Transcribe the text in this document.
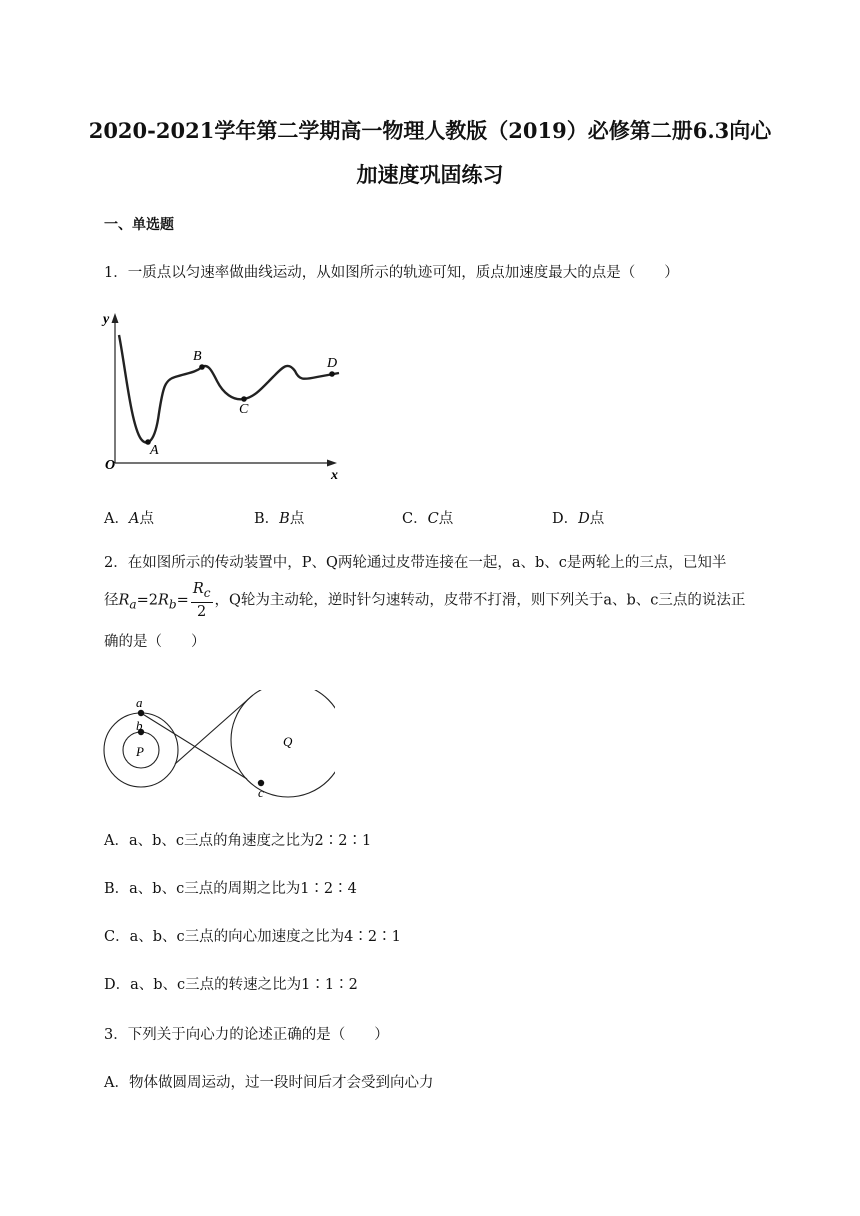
2020-2021学年第二学期高一物理人教版（2019）必修第二册6.3向心
加速度巩固练习
一、单选题
1．一质点以匀速率做曲线运动，从如图所示的轨迹可知，质点加速度最大的点是（　　）
y
x
O
A
B
C
D
A．A点	B．B点	C．C点	D．D点
2．在如图所示的传动装置中，P、Q两轮通过皮带连接在一起，a、b、c是两轮上的三点，已知半
径$R_a=2R_b= \frac{R_c}{2}$ ，Q轮为主动轮，逆时针匀速转动，皮带不打滑，则下列关于a、b、c三点的说法正
确的是（　　）
a
b
P
Q
c
A．a、b、c三点的角速度之比为2∶2∶1
B．a、b、c三点的周期之比为1∶2∶4
C．a、b、c三点的向心加速度之比为4∶2∶1
D．a、b、c三点的转速之比为1∶1∶2
3．下列关于向心力的论述正确的是（　　）
A．物体做圆周运动，过一段时间后才会受到向心力
